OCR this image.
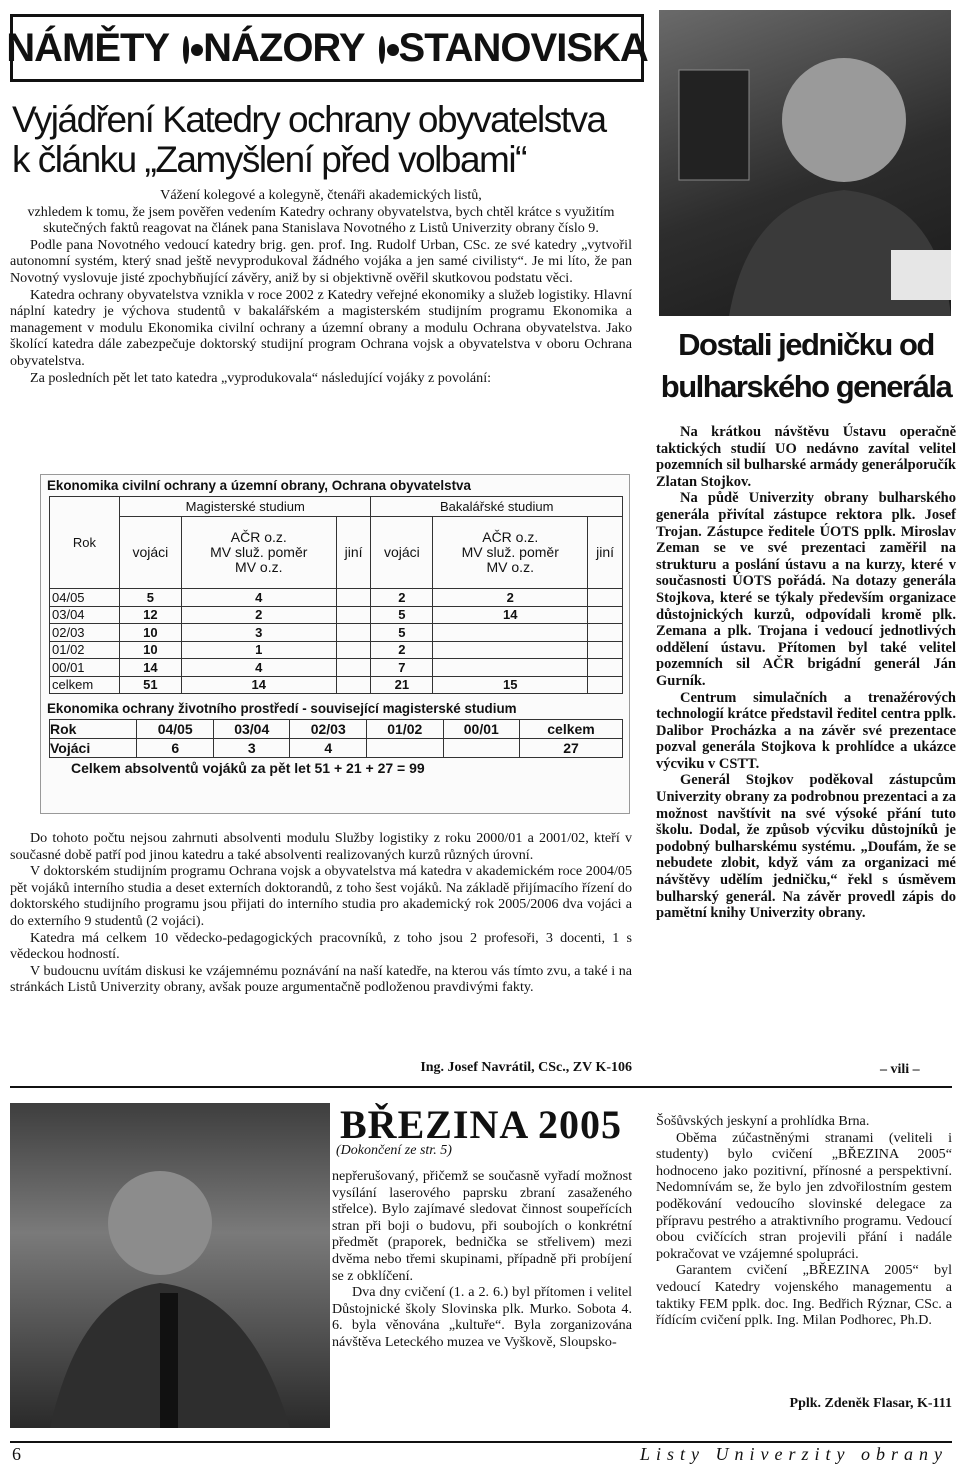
NÁMĚTY NÁZORY STANOVISKA
Vyjádření Katedry ochrany obyvatelstva
k článku „Zamyšlení před volbami“

Vážení kolegové a kolegyně, čtenáři akademických listů,

vzhledem k tomu, že jsem pověřen vedením Katedry ochrany obyvatelstva, bych chtěl krátce s využitím skutečných faktů reagovat na článek pana Stanislava Novotného z Listů Univerzity obrany číslo 9.

Podle pana Novotného vedoucí katedry brig. gen. prof. Ing. Rudolf Urban, CSc. ze své katedry „vytvořil autonomní systém, který snad ještě nevyprodukoval žádného vojáka a jen samé civilisty“. Je mi líto, že pan Novotný vyslovuje jisté zpochybňující závěry, aniž by si objektivně ověřil skutkovou podstatu věci.

Katedra ochrany obyvatelstva vznikla v roce 2002 z Katedry veřejné ekonomiky a služeb logistiky. Hlavní náplní katedry je výchova studentů v bakalářském a magisterském studijním programu Ekonomika a management v modulu Ekonomika civilní ochrany a územní obrany a modulu Ochrana obyvatelstva. Jako školící katedra dále zabezpečuje doktorský studijní program Ochrana vojsk a obyvatelstva v oboru Ochrana obyvatelstva.

Za posledních pět let tato katedra „vyprodukovala“ následující vojáky z povolání:

Ekonomika civilní ochrany a územní obrany, Ochrana obyvatelstva
Rok	Magisterské studium			Bakalářské studium		
	vojáci	AČR o.z.
MV služ. poměr
MV o.z.	jiní	vojáci	AČR o.z.
MV služ. poměr
MV o.z.	jiní
04/05	5	4		2	2	
03/04	12	2		5	14	
02/03	10	3		5		
01/02	10	1		2		
00/01	14	4		7		
celkem	51	14		21	15	
Ekonomika ochrany životního prostředí - související magisterské studium
Rok	04/05	03/04	02/03	01/02	00/01	celkem
Vojáci	6	3	4			27
Celkem absolventů vojáků za pět let 51 + 21 + 27 = 99

Do tohoto počtu nejsou zahrnuti absolventi modulu Služby logistiky z roku 2000/01 a 2001/02, kteří v současné době patří pod jinou katedru a také absolventi realizovaných kurzů různých úrovní.

V doktorském studijním programu Ochrana vojsk a obyvatelstva má katedra v akademickém roce 2004/05 pět vojáků interního studia a deset externích doktorandů, z toho šest vojáků. Na základě přijímacího řízení do doktorského studijního programu jsou přijati do interního studia pro akademický rok 2005/2006 dva vojáci a do externího 9 studentů (2 vojáci).

Katedra má celkem 10 vědecko-pedagogických pracovníků, z toho jsou 2 profesoři, 3 docenti, 1 s vědeckou hodností.

V budoucnu uvítám diskusi ke vzájemnému poznávání na naší katedře, na kterou vás tímto zvu, a také i na stránkách Listů Univerzity obrany, avšak pouze argumentačně podloženou pravdivými fakty.

Ing. Josef Navrátil, CSc., ZV K-106
Dostali jedničku od
bulharského generála

Na krátkou návštěvu Ústavu operačně taktických studií UO nedávno zavítal velitel pozemních sil bulharské armády generálporučík Zlatan Stojkov.

Na půdě Univerzity obrany bulharského generála přivítal zástupce rektora plk. Josef Trojan. Zástupce ředitele ÚOTS pplk. Miroslav Zeman se ve své prezentaci zaměřil na strukturu a poslání ústavu a na kurzy, které v současnosti ÚOTS pořádá. Na dotazy generála Stojkova, které se týkaly především organizace důstojnických kurzů, odpovídali kromě plk. Zemana a plk. Trojana i vedoucí jednotlivých oddělení ústavu. Přítomen byl také velitel pozemních sil AČR brigádní generál Ján Gurník.

Centrum simulačních a trenažérových technologií krátce představil ředitel centra pplk. Dalibor Procházka a na závěr své prezentace pozval generála Stojkova k prohlídce a ukázce výcviku v CSTT.

Generál Stojkov poděkoval zástupcům Univerzity obrany za podrobnou prezentaci a za možnost navštívit na své výsoké přání tuto školu. Dodal, že způsob výcviku důstojníků je podobný bulharskému systému. „Doufám, že se nebudete zlobit, když vám za organizaci mé návštěvy udělím jedničku,“ řekl s úsměvem bulharský generál. Na závěr provedl zápis do pamětní knihy Univerzity obrany.

– vili –
BŘEZINA 2005
(Dokončení ze str. 5)

nepřerušovaný, přičemž se současně vyřadí možnost vysílání laserového paprsku zbraní zasaženého střelce). Bylo zajímavé sledovat činnost soupeřících stran při boji o budovu, při soubojích o konkrétní předmět (praporek, bednička se střelivem) mezi dvěma nebo třemi skupinami, případně při probíjení se z obklíčení.

Dva dny cvičení (1. a 2. 6.) byl přítomen i velitel Důstojnické školy Slovinska plk. Murko. Sobota 4. 6. byla věnována „kultuře“. Byla zorganizována návštěva Leteckého muzea ve Vyškově, Sloupsko-

Šošůvských jeskyní a prohlídka Brna.

Oběma zúčastněnými stranami (veliteli i studenty) bylo cvičení „BŘEZINA 2005“ hodnoceno jako pozitivní, přínosné a perspektivní. Nedomnívám se, že bylo jen zdvořilostním gestem poděkování vedoucího slovinské delegace za přípravu pestrého a atraktivního programu. Vedoucí obou cvičících stran projevili přání i nadále pokračovat ve vzájemné spolupráci.

Garantem cvičení „BŘEZINA 2005“ byl vedoucí Katedry vojenského managementu a taktiky FEM pplk. doc. Ing. Bedřich Rýznar, CSc. a řídícím cvičení pplk. Ing. Milan Podhorec, Ph.D.

Pplk. Zdeněk Flasar, K-111
6	Listy Univerzity obrany
